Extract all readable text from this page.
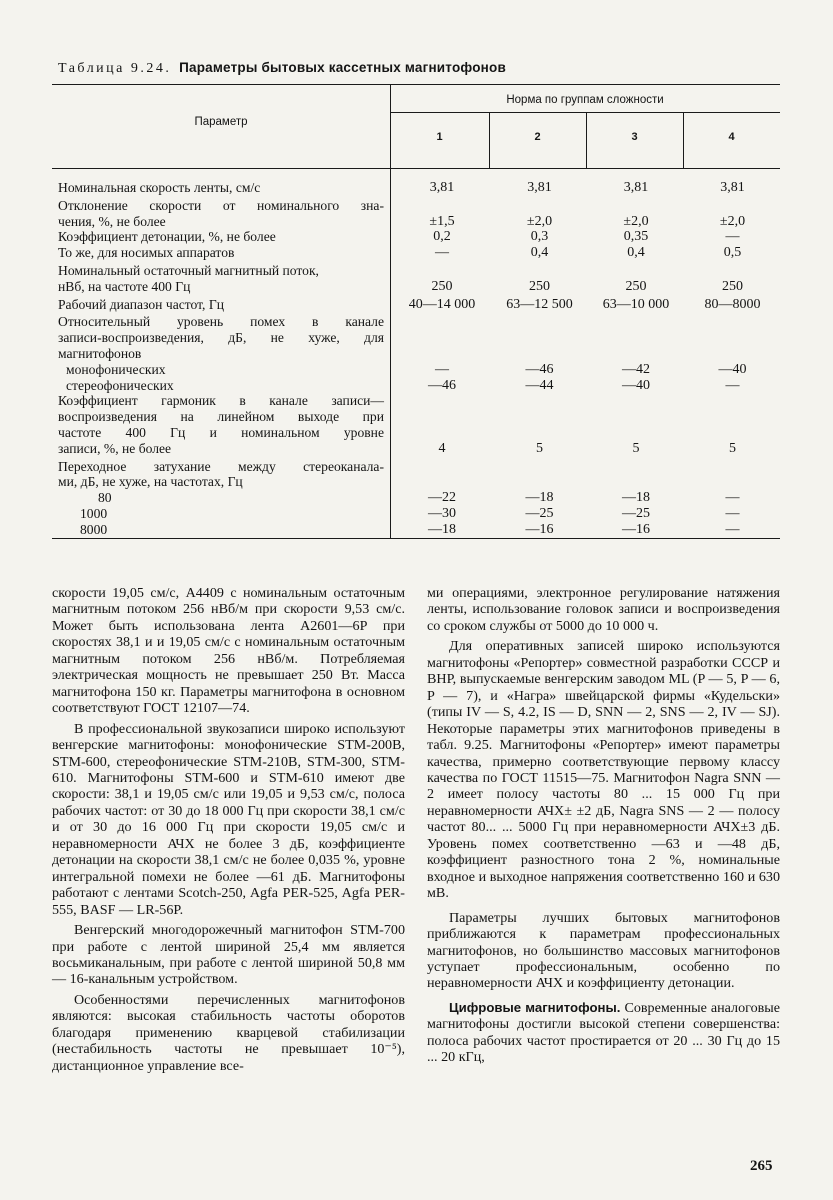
Таблица 9.24. Параметры бытовых кассетных магнитофонов
Параметр
Норма по группам сложности
1	2	3	4
Номинальная скорость ленты, см/с	3,81	3,81	3,81	3,81
Отклонение скорости от номинального зна-
чения, %, не более	±1,5	±2,0	±2,0	±2,0
Коэффициент детонации, %, не более	0,2	0,3	0,35	—
То же, для носимых аппаратов	—	0,4	0,4	0,5
Номинальный остаточный магнитный поток,
нВб, на частоте 400 Гц	250	250	250	250
Рабочий диапазон частот, Гц	40—14 000	63—12 500	63—10 000	80—8000
Относительный уровень помех в канале
записи-воспроизведения, дБ, не хуже, для
магнитофонов
монофонических	—	—46	—42	—40
стереофонических	—46	—44	—40	—
Коэффициент гармоник в канале записи—
воспроизведения на линейном выходе при
частоте 400 Гц и номинальном уровне
записи, %, не более	4	5	5	5
Переходное затухание между стереоканала-
ми, дБ, не хуже, на частотах, Гц
80	—22	—18	—18	—
1000	—30	—25	—25	—
8000	—18	—16	—16	—

скорости 19,05 см/с, A4409 с номинальным остаточным магнитным потоком 256 нВб/м при скорости 9,53 см/с. Может быть использована лента A2601—6P при скоростях 38,1 и и 19,05 см/с с номинальным остаточным магнитным потоком 256 нВб/м. Потребляемая электрическая мощность не превышает 250 Вт. Масса магнитофона 150 кг. Параметры магнитофона в основном соответствуют ГОСТ 12107—74.

В профессиональной звукозаписи широко используют венгерские магнитофоны: монофонические STM-200B, STM-600, стереофонические STM-210B, STM-300, STM-610. Магнитофоны STM-600 и STM-610 имеют две скорости: 38,1 и 19,05 см/с или 19,05 и 9,53 см/с, полоса рабочих частот: от 30 до 18 000 Гц при скорости 38,1 см/с и от 30 до 16 000 Гц при скорости 19,05 см/с и неравномерности АЧХ не более 3 дБ, коэффициенте детонации на скорости 38,1 см/с не более 0,035 %, уровне интегральной помехи не более —61 дБ. Магнитофоны работают с лентами Scotch-250, Agfa PER-525, Agfa PER-555, BASF — LR-56P.

Венгерский многодорожечный магнитофон STM-700 при работе с лентой шириной 25,4 мм является восьмиканальным, при работе с лентой шириной 50,8 мм — 16-канальным устройством.

Особенностями перечисленных магнитофонов являются: высокая стабильность частоты оборотов благодаря применению кварцевой стабилизации (нестабильность частоты не превышает 10⁻⁵), дистанционное управление все-

ми операциями, электронное регулирование натяжения ленты, использование головок записи и воспроизведения со сроком службы от 5000 до 10 000 ч.

Для оперативных записей широко используются магнитофоны «Репортер» совместной разработки СССР и ВНР, выпускаемые венгерским заводом ML (P — 5, P — 6, P — 7), и «Награ» швейцарской фирмы «Кудельски» (типы IV — S, 4.2, IS — D, SNN — 2, SNS — 2, IV — SJ). Некоторые параметры этих магнитофонов приведены в табл. 9.25. Магнитофоны «Репортер» имеют параметры качества, примерно соответствующие первому классу качества по ГОСТ 11515—75. Магнитофон Nagra SNN — 2 имеет полосу частоты 80 ... 15 000 Гц при неравномерности АЧХ± ±2 дБ, Nagra SNS — 2 — полосу частот 80... ... 5000 Гц при неравномерности АЧХ±3 дБ. Уровень помех соответственно —63 и —48 дБ, коэффициент разностного тона 2 %, номинальные входное и выходное напряжения соответственно 160 и 630 мВ.

Параметры лучших бытовых магнитофонов приближаются к параметрам профессиональных магнитофонов, но большинство массовых магнитофонов уступает профессиональным, особенно по неравномерности АЧХ и коэффициенту детонации.

Цифровые магнитофоны. Современные аналоговые магнитофоны достигли высокой степени совершенства: полоса рабочих частот простирается от 20 ... 30 Гц до 15 ... 20 кГц,

265
